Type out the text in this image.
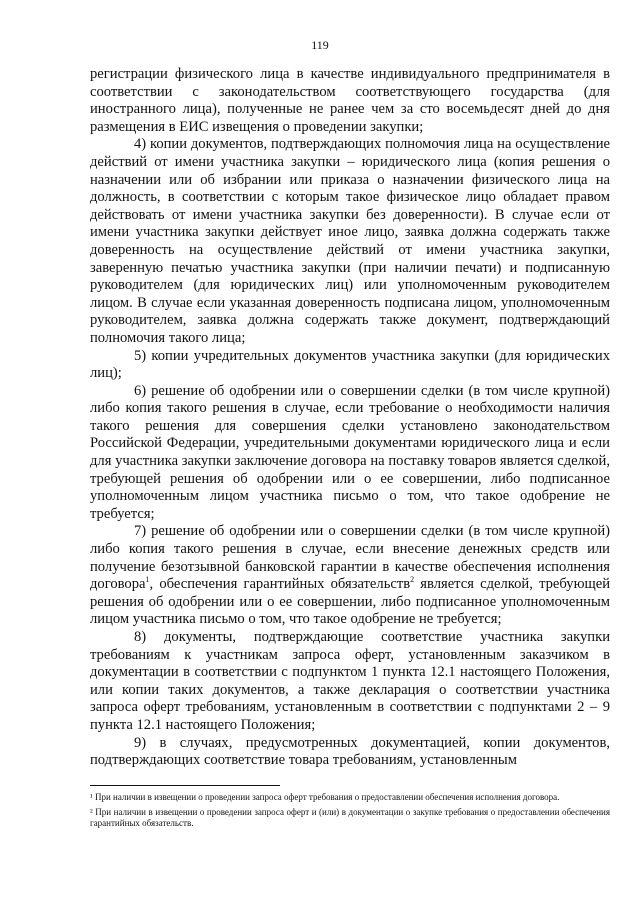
119

регистрации физического лица в качестве индивидуального предпринимателя в соответствии с законодательством соответствующего государства (для иностранного лица), полученные не ранее чем за сто восемьдесят дней до дня размещения в ЕИС извещения о проведении закупки;

4) копии документов, подтверждающих полномочия лица на осуществление действий от имени участника закупки – юридического лица (копия решения о назначении или об избрании или приказа о назначении физического лица на должность, в соответствии с которым такое физическое лицо обладает правом действовать от имени участника закупки без доверенности). В случае если от имени участника закупки действует иное лицо, заявка должна содержать также доверенность на осуществление действий от имени участника закупки, заверенную печатью участника закупки (при наличии печати) и подписанную руководителем (для юридических лиц) или уполномоченным руководителем лицом. В случае если указанная доверенность подписана лицом, уполномоченным руководителем, заявка должна содержать также документ, подтверждающий полномочия такого лица;

5) копии учредительных документов участника закупки (для юридических лиц);

6) решение об одобрении или о совершении сделки (в том числе крупной) либо копия такого решения в случае, если требование о необходимости наличия такого решения для совершения сделки установлено законодательством Российской Федерации, учредительными документами юридического лица и если для участника закупки заключение договора на поставку товаров является сделкой, требующей решения об одобрении или о ее совершении, либо подписанное уполномоченным лицом участника письмо о том, что такое одобрение не требуется;

7) решение об одобрении или о совершении сделки (в том числе крупной) либо копия такого решения в случае, если внесение денежных средств или получение безотзывной банковской гарантии в качестве обеспечения исполнения договора$^1$, обеспечения гарантийных обязательств$^2$ является сделкой, требующей решения об одобрении или о ее совершении, либо подписанное уполномоченным лицом участника письмо о том, что такое одобрение не требуется;

8) документы, подтверждающие соответствие участника закупки требованиям к участникам запроса оферт, установленным заказчиком в документации в соответствии с подпунктом 1 пункта 12.1 настоящего Положения, или копии таких документов, а также декларация о соответствии участника запроса оферт требованиям, установленным в соответствии с подпунктами 2 – 9 пункта 12.1 настоящего Положения;

9) в случаях, предусмотренных документацией, копии документов, подтверждающих соответствие товара требованиям, установленным

¹ При наличии в извещении о проведении запроса оферт требования о предоставлении обеспечения исполнения договора.

² При наличии в извещении о проведении запроса оферт и (или) в документации о закупке требования о предоставлении обеспечения гарантийных обязательств.
